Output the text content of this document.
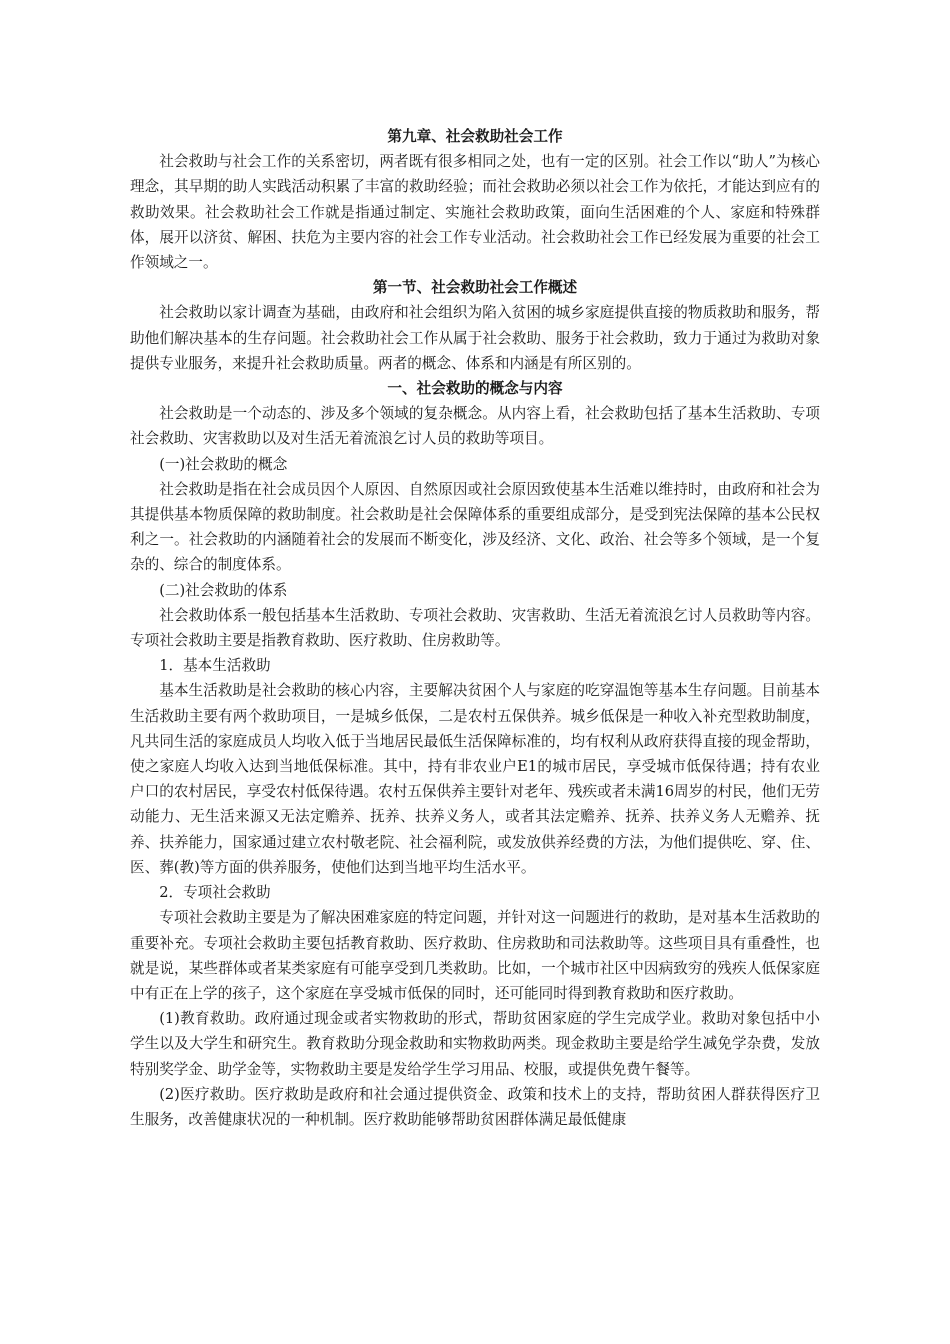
第九章、社会救助社会工作

社会救助与社会工作的关系密切，两者既有很多相同之处，也有一定的区别。社会工作以“助人”为核心理念，其早期的助人实践活动积累了丰富的救助经验；而社会救助必须以社会工作为依托，才能达到应有的救助效果。社会救助社会工作就是指通过制定、实施社会救助政策，面向生活困难的个人、家庭和特殊群体，展开以济贫、解困、扶危为主要内容的社会工作专业活动。社会救助社会工作已经发展为重要的社会工作领域之一。

第一节、社会救助社会工作概述

社会救助以家计调查为基础，由政府和社会组织为陷入贫困的城乡家庭提供直接的物质救助和服务，帮助他们解决基本的生存问题。社会救助社会工作从属于社会救助、服务于社会救助，致力于通过为救助对象提供专业服务，来提升社会救助质量。两者的概念、体系和内涵是有所区别的。

一、社会救助的概念与内容

社会救助是一个动态的、涉及多个领域的复杂概念。从内容上看，社会救助包括了基本生活救助、专项社会救助、灾害救助以及对生活无着流浪乞讨人员的救助等项目。

(一)社会救助的概念

社会救助是指在社会成员因个人原因、自然原因或社会原因致使基本生活难以维持时，由政府和社会为其提供基本物质保障的救助制度。社会救助是社会保障体系的重要组成部分，是受到宪法保障的基本公民权利之一。社会救助的内涵随着社会的发展而不断变化，涉及经济、文化、政治、社会等多个领域，是一个复杂的、综合的制度体系。

(二)社会救助的体系

社会救助体系一般包括基本生活救助、专项社会救助、灾害救助、生活无着流浪乞讨人员救助等内容。专项社会救助主要是指教育救助、医疗救助、住房救助等。

1．基本生活救助

基本生活救助是社会救助的核心内容，主要解决贫困个人与家庭的吃穿温饱等基本生存问题。目前基本生活救助主要有两个救助项目，一是城乡低保，二是农村五保供养。城乡低保是一种收入补充型救助制度，凡共同生活的家庭成员人均收入低于当地居民最低生活保障标准的，均有权利从政府获得直接的现金帮助，使之家庭人均收入达到当地低保标准。其中，持有非农业户E1的城市居民，享受城市低保待遇；持有农业户口的农村居民，享受农村低保待遇。农村五保供养主要针对老年、残疾或者未满16周岁的村民，他们无劳动能力、无生活来源又无法定赡养、抚养、扶养义务人，或者其法定赡养、抚养、扶养义务人无赡养、抚养、扶养能力，国家通过建立农村敬老院、社会福利院，或发放供养经费的方法，为他们提供吃、穿、住、医、葬(教)等方面的供养服务，使他们达到当地平均生活水平。

2．专项社会救助

专项社会救助主要是为了解决困难家庭的特定问题，并针对这一问题进行的救助，是对基本生活救助的重要补充。专项社会救助主要包括教育救助、医疗救助、住房救助和司法救助等。这些项目具有重叠性，也就是说，某些群体或者某类家庭有可能享受到几类救助。比如，一个城市社区中因病致穷的残疾人低保家庭中有正在上学的孩子，这个家庭在享受城市低保的同时，还可能同时得到教育救助和医疗救助。

(1)教育救助。政府通过现金或者实物救助的形式，帮助贫困家庭的学生完成学业。救助对象包括中小学生以及大学生和研究生。教育救助分现金救助和实物救助两类。现金救助主要是给学生减免学杂费，发放特别奖学金、助学金等，实物救助主要是发给学生学习用品、校服，或提供免费午餐等。

(2)医疗救助。医疗救助是政府和社会通过提供资金、政策和技术上的支持，帮助贫困人群获得医疗卫生服务，改善健康状况的一种机制。医疗救助能够帮助贫困群体满足最低健康
